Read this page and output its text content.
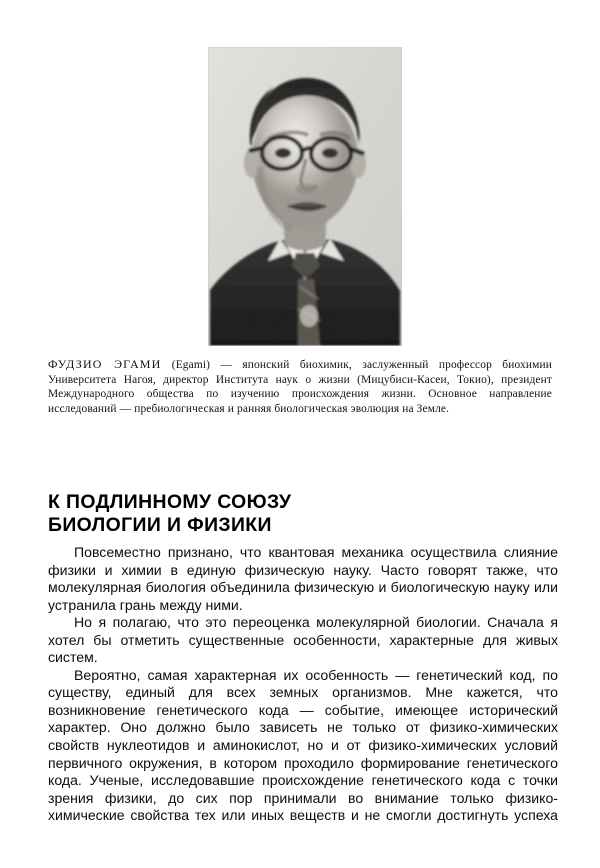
ФУДЗИО ЭГАМИ (Egami) — японский биохимик, заслуженный профессор биохимии Университета Нагоя, директор Института наук о жизни (Мицубиси-Касеи, Токио), президент Международного общества по изучению происхождения жизни. Основное направление исследований — пребиологическая и ранняя биологическая эволюция на Земле.
К ПОДЛИННОМУ СОЮЗУ
БИОЛОГИИ И ФИЗИКИ

Повсеместно признано, что квантовая механика осуществила слияние физики и химии в единую физическую науку. Часто говорят также, что молекулярная биология объединила физическую и биологическую науку или устранила грань между ними.

Но я полагаю, что это переоценка молекулярной биологии. Сначала я хотел бы отметить существенные особенности, характерные для живых систем.

Вероятно, самая характерная их особенность — генетический код, по существу, единый для всех земных организмов. Мне кажется, что возникновение генетического кода — событие, имеющее исторический характер. Оно должно было зависеть не только от физико-химических свойств нуклеотидов и аминокислот, но и от физико-химических условий первичного окружения, в котором проходило формирование генетического кода. Ученые, исследовавшие происхождение генетического кода с точки зрения физики, до сих пор принимали во внимание только физико-химические свойства тех или иных веществ и не смогли достигнуть успеха
